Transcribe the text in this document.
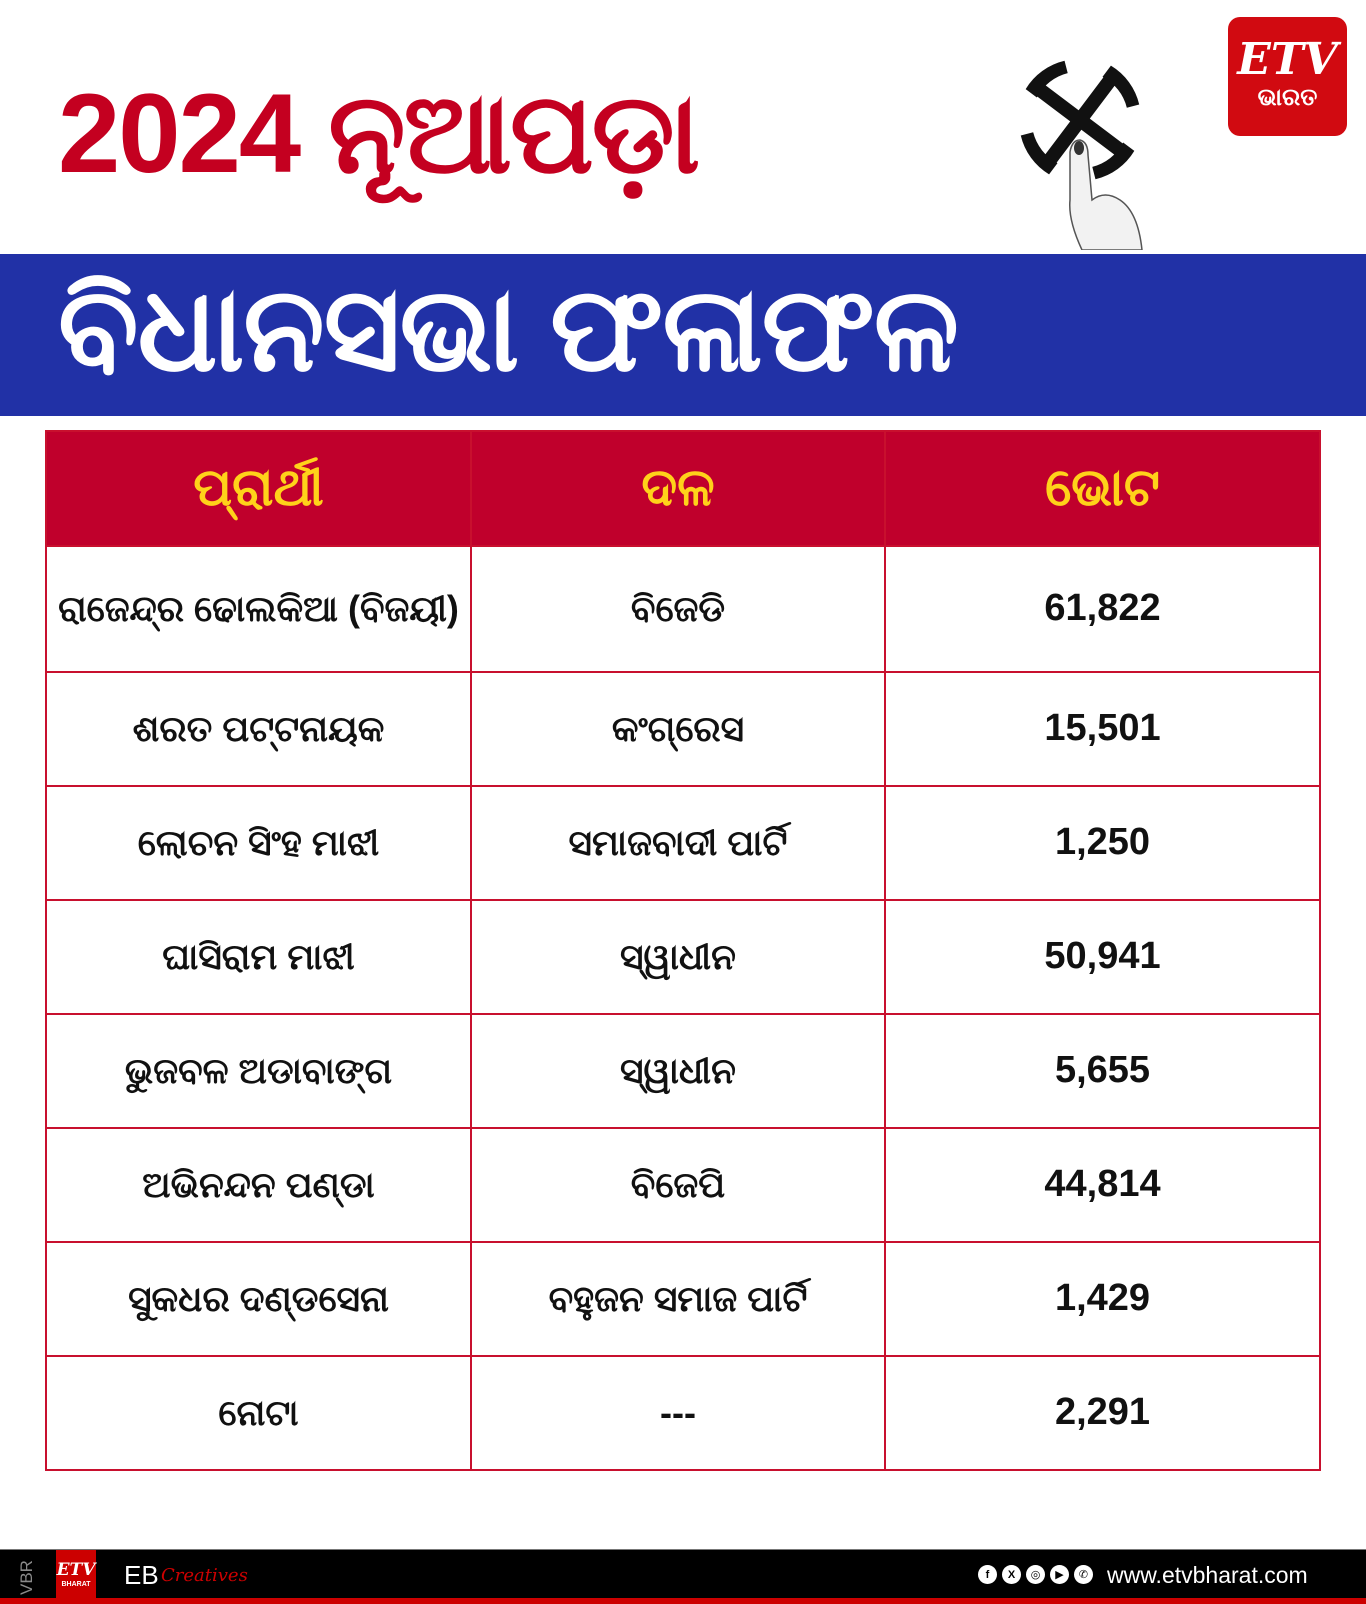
2024 ନୂଆପଡ଼ା
ETV
ଭାରତ
ବିଧାନସଭା ଫଳାଫଳ
ପ୍ରାର୍ଥୀ	ଦଳ	ଭୋଟ
ରାଜେନ୍ଦ୍ର ଢୋଲକିଆ (ବିଜୟୀ)	ବିଜେଡି	61,822
ଶରତ ପଟ୍ଟନାୟକ	କଂଗ୍ରେସ	15,501
ଲୋଚନ ସିଂହ ମାଝୀ	ସମାଜବାଦୀ ପାର୍ଟି	1,250
ଘାସିରାମ ମାଝୀ	ସ୍ୱାଧୀନ	50,941
ଭୁଜବଳ ଅଡାବାଙ୍ଗ	ସ୍ୱାଧୀନ	5,655
ଅଭିନନ୍ଦନ ପଣ୍ଡା	ବିଜେପି	44,814
ସୁକଧର ଦଣ୍ଡସେନା	ବହୁଜନ ସମାଜ ପାର୍ଟି	1,429
ନୋଟା	---	2,291
VBR ETV
BHARAT EB Creatives	f	X	◎	▶	✆ www.etvbharat.com
